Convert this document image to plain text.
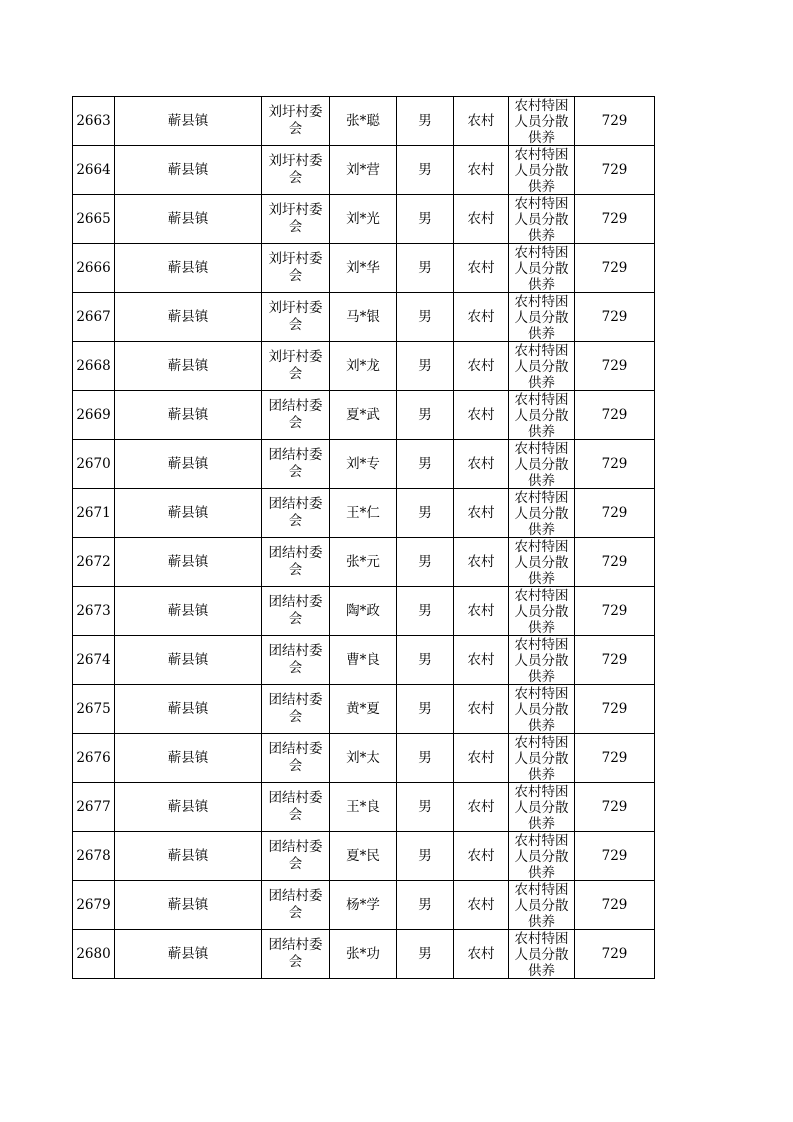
2663	蕲县镇	刘圩村委会	张*聪	男	农村	农村特困人员分散供养	729
2664	蕲县镇	刘圩村委会	刘*营	男	农村	农村特困人员分散供养	729
2665	蕲县镇	刘圩村委会	刘*光	男	农村	农村特困人员分散供养	729
2666	蕲县镇	刘圩村委会	刘*华	男	农村	农村特困人员分散供养	729
2667	蕲县镇	刘圩村委会	马*银	男	农村	农村特困人员分散供养	729
2668	蕲县镇	刘圩村委会	刘*龙	男	农村	农村特困人员分散供养	729
2669	蕲县镇	团结村委会	夏*武	男	农村	农村特困人员分散供养	729
2670	蕲县镇	团结村委会	刘*专	男	农村	农村特困人员分散供养	729
2671	蕲县镇	团结村委会	王*仁	男	农村	农村特困人员分散供养	729
2672	蕲县镇	团结村委会	张*元	男	农村	农村特困人员分散供养	729
2673	蕲县镇	团结村委会	陶*政	男	农村	农村特困人员分散供养	729
2674	蕲县镇	团结村委会	曹*良	男	农村	农村特困人员分散供养	729
2675	蕲县镇	团结村委会	黄*夏	男	农村	农村特困人员分散供养	729
2676	蕲县镇	团结村委会	刘*太	男	农村	农村特困人员分散供养	729
2677	蕲县镇	团结村委会	王*良	男	农村	农村特困人员分散供养	729
2678	蕲县镇	团结村委会	夏*民	男	农村	农村特困人员分散供养	729
2679	蕲县镇	团结村委会	杨*学	男	农村	农村特困人员分散供养	729
2680	蕲县镇	团结村委会	张*功	男	农村	农村特困人员分散供养	729
